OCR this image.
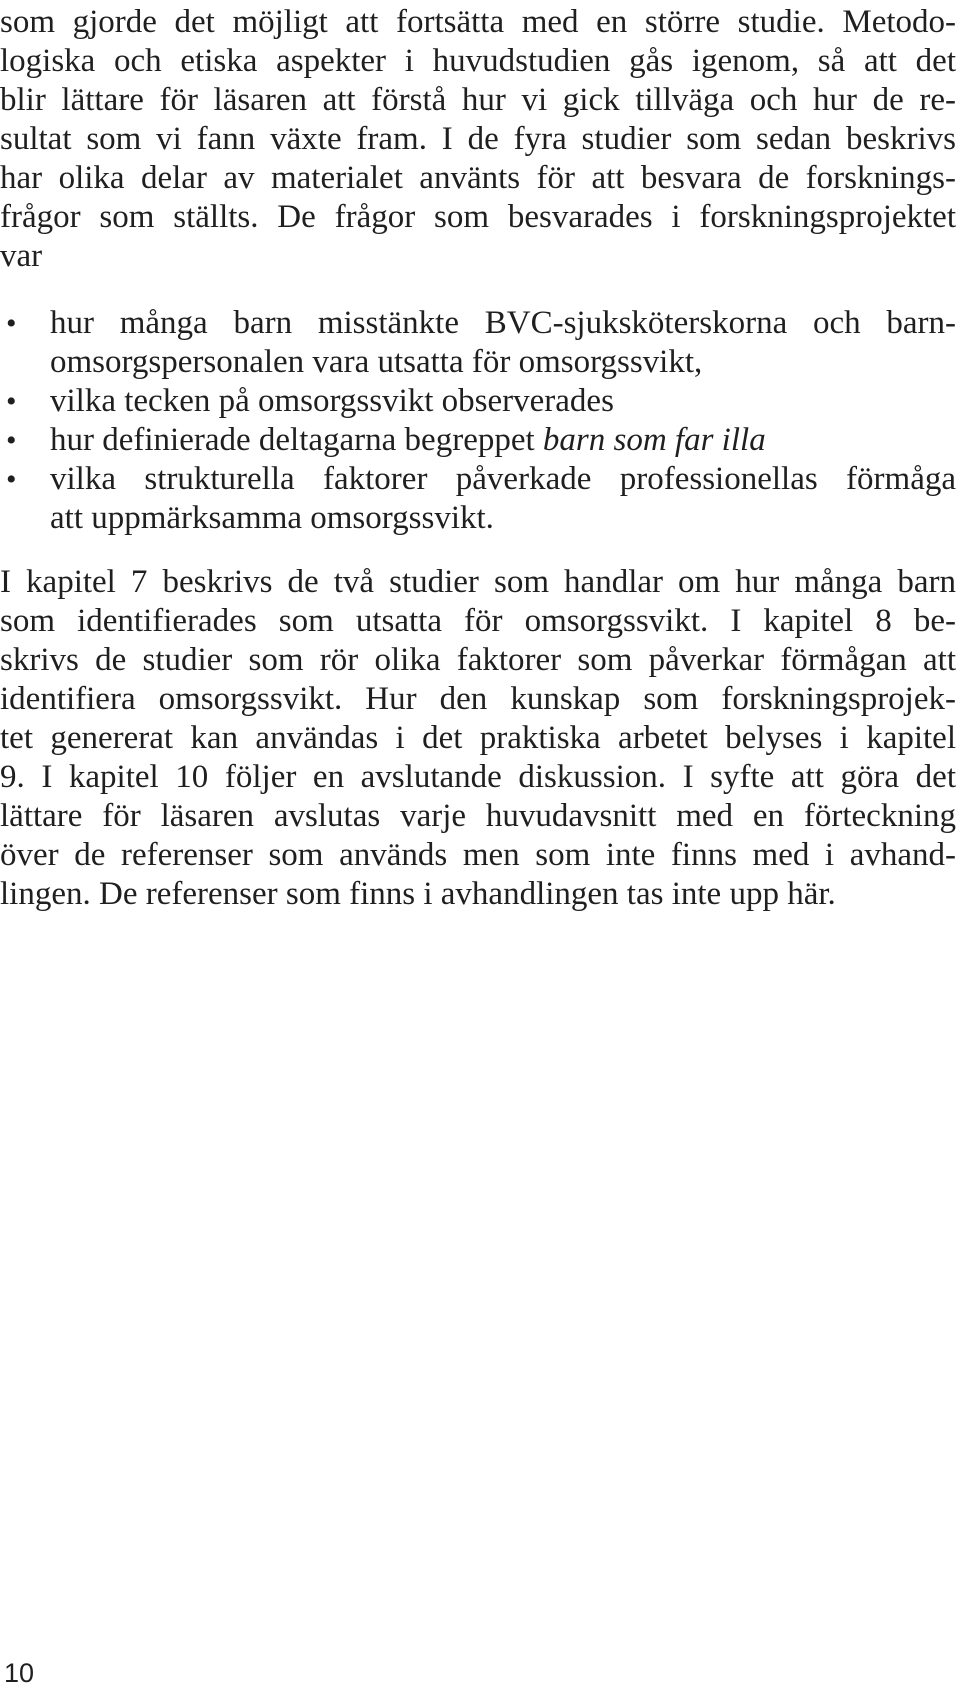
som gjorde det möjligt att fortsätta med en större studie. Metodo-
logiska och etiska aspekter i huvudstudien gås igenom, så att det
blir lättare för läsaren att förstå hur vi gick tillväga och hur de re-
sultat som vi fann växte fram. I de fyra studier som sedan beskrivs
har olika delar av materialet använts för att besvara de forsknings-
frågor som ställts. De frågor som besvarades i forskningsprojektet
var
• hur många barn misstänkte BVC-sjuksköterskorna och barn-
omsorgspersonalen vara utsatta för omsorgssvikt,
• vilka tecken på omsorgssvikt observerades
• hur definierade deltagarna begreppet barn som far illa
• vilka strukturella faktorer påverkade professionellas förmåga
att uppmärksamma omsorgssvikt.
I kapitel 7 beskrivs de två studier som handlar om hur många barn
som identifierades som utsatta för omsorgssvikt. I kapitel 8 be-
skrivs de studier som rör olika faktorer som påverkar förmågan att
identifiera omsorgssvikt. Hur den kunskap som forskningsprojek-
tet genererat kan användas i det praktiska arbetet belyses i kapitel
9. I kapitel 10 följer en avslutande diskussion. I syfte att göra det
lättare för läsaren avslutas varje huvudavsnitt med en förteckning
över de referenser som används men som inte finns med i avhand-
lingen. De referenser som finns i avhandlingen tas inte upp här.
10
